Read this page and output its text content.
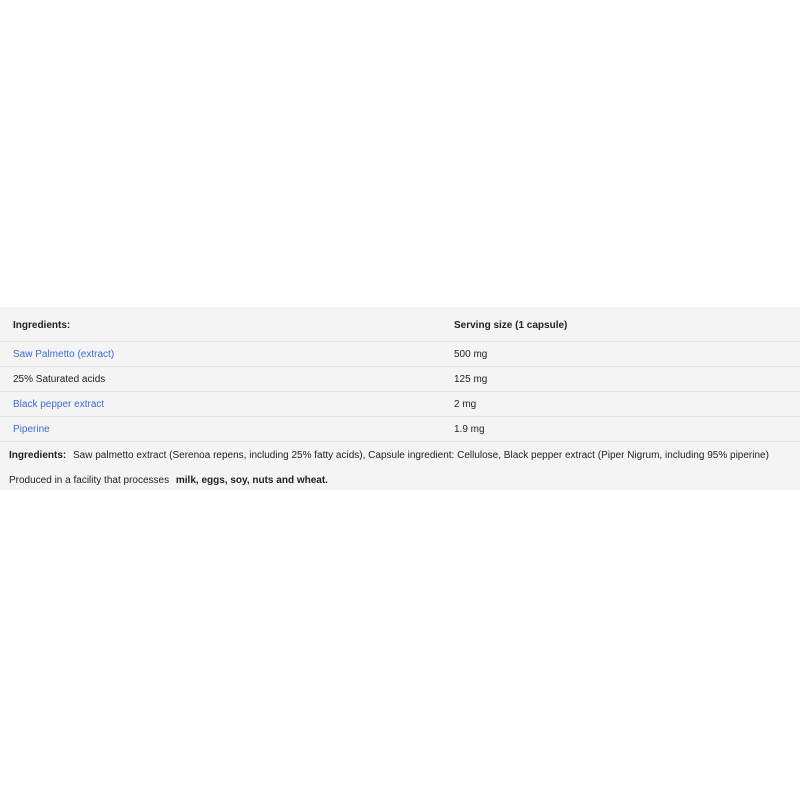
Ingredients:	Serving size (1 capsule)
Saw Palmetto (extract)	500 mg
25% Saturated acids	125 mg
Black pepper extract	2 mg
Piperine	1.9 mg
Ingredients: Saw palmetto extract (Serenoa repens, including 25% fatty acids), Capsule ingredient: Cellulose, Black pepper extract (Piper Nigrum, including 95% piperine)
Produced in a facility that processes milk, eggs, soy, nuts and wheat.
